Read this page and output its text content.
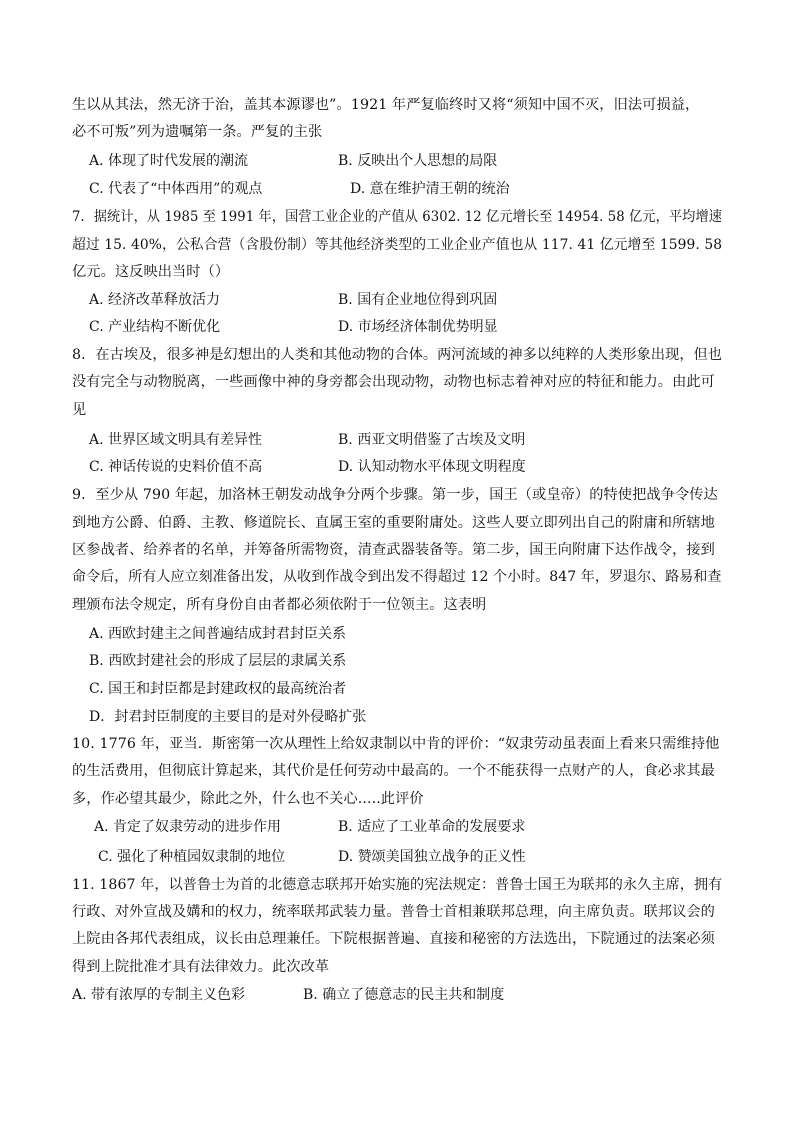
生以从其法，然无济于治，盖其本源谬也”。1921 年严复临终时又将“须知中国不灭，旧法可损益，
必不可叛”列为遗嘱第一条。严复的主张
A. 体现了时代发展的潮流	B. 反映出个人思想的局限
C. 代表了“中体西用”的观点	D. 意在维护清王朝的统治
7．据统计，从 1985 至 1991 年，国营工业企业的产值从 6302. 12 亿元增长至 14954. 58 亿元，平均增速
超过 15. 40%，公私合营（含股份制）等其他经济类型的工业企业产值也从 117. 41 亿元增至 1599. 58
亿元。这反映出当时（）
A. 经济改革释放活力	B. 国有企业地位得到巩固
C. 产业结构不断优化	D. 市场经济体制优势明显
8．在古埃及，很多神是幻想出的人类和其他动物的合体。两河流域的神多以纯粹的人类形象出现，但也
没有完全与动物脱离，一些画像中神的身旁都会出现动物，动物也标志着神对应的特征和能力。由此可
见
A. 世界区域文明具有差异性	B. 西亚文明借鉴了古埃及文明
C. 神话传说的史料价值不高	D. 认知动物水平体现文明程度
9．至少从 790 年起，加洛林王朝发动战争分两个步骤。第一步，国王（或皇帝）的特使把战争令传达
到地方公爵、伯爵、主教、修道院长、直属王室的重要附庸处。这些人要立即列出自己的附庸和所辖地
区参战者、给养者的名单，并筹备所需物资，清查武器装备等。第二步，国王向附庸下达作战令，接到
命令后，所有人应立刻准备出发，从收到作战令到出发不得超过 12 个小时。847 年，罗退尔、路易和查
理颁布法令规定，所有身份自由者都必须依附于一位领主。这表明
A. 西欧封建主之间普遍结成封君封臣关系
B. 西欧封建社会的形成了层层的隶属关系
C. 国王和封臣都是封建政权的最高统治者
D．封君封臣制度的主要目的是对外侵略扩张
10. 1776 年，亚当．斯密第一次从理性上给奴隶制以中肯的评价：“奴隶劳动虽表面上看来只需维持他
的生活费用，但彻底计算起来，其代价是任何劳动中最高的。一个不能获得一点财产的人，食必求其最
多，作必望其最少，除此之外，什么也不关心.....此评价
A. 肯定了奴隶劳动的进步作用	B. 适应了工业革命的发展要求
C. 强化了种植园奴隶制的地位	D. 赞颂美国独立战争的正义性
11. 1867 年，以普鲁士为首的北德意志联邦开始实施的宪法规定：普鲁士国王为联邦的永久主席，拥有
行政、对外宣战及媾和的权力，统率联邦武装力量。普鲁士首相兼联邦总理，向主席负责。联邦议会的
上院由各邦代表组成，议长由总理兼任。下院根据普遍、直接和秘密的方法选出，下院通过的法案必须
得到上院批准才具有法律效力。此次改革
A. 带有浓厚的专制主义色彩	B. 确立了德意志的民主共和制度
